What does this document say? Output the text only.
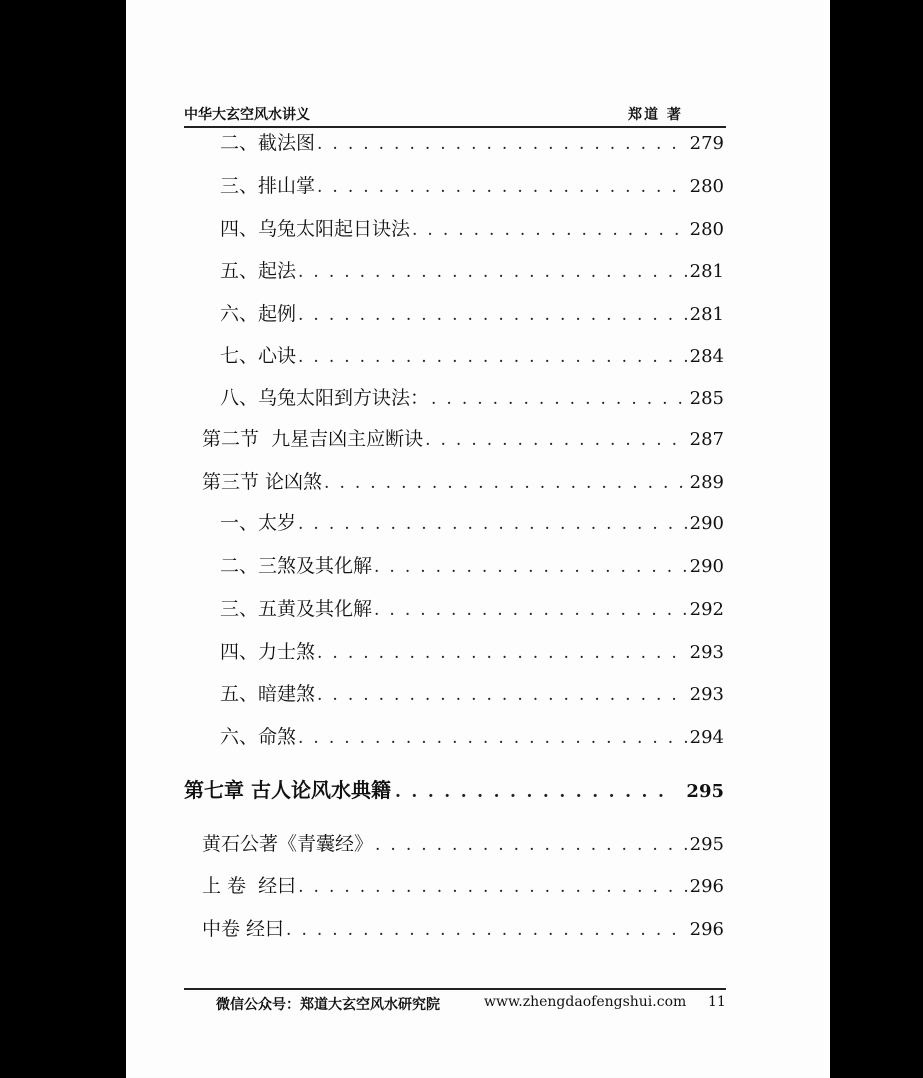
中华大玄空风水讲义	郑道 著
二、截法图 . . .	279
三、排山掌 . . .	280
四、乌兔太阳起日诀法 . . .	280
五、起法 . . .	281
六、起例 . . .	281
七、心诀 . . .	284
八、乌兔太阳到方诀法： . . .	285
第二节  九星吉凶主应断诀 . . .	287
第三节 论凶煞 . . .	289
一、太岁 . . .	290
二、三煞及其化解 . . .	290
三、五黄及其化解 . . .	292
四、力士煞 . . .	293
五、暗建煞 . . .	293
六、命煞 . . .	294
第七章 古人论风水典籍 . . .	295
黄石公著《青囊经》 . . .	295
上 卷  经曰 . . .	296
中卷 经曰 . . .	296
微信公众号：郑道大玄空风水研究院	www.zhengdaofengshui.com 11
